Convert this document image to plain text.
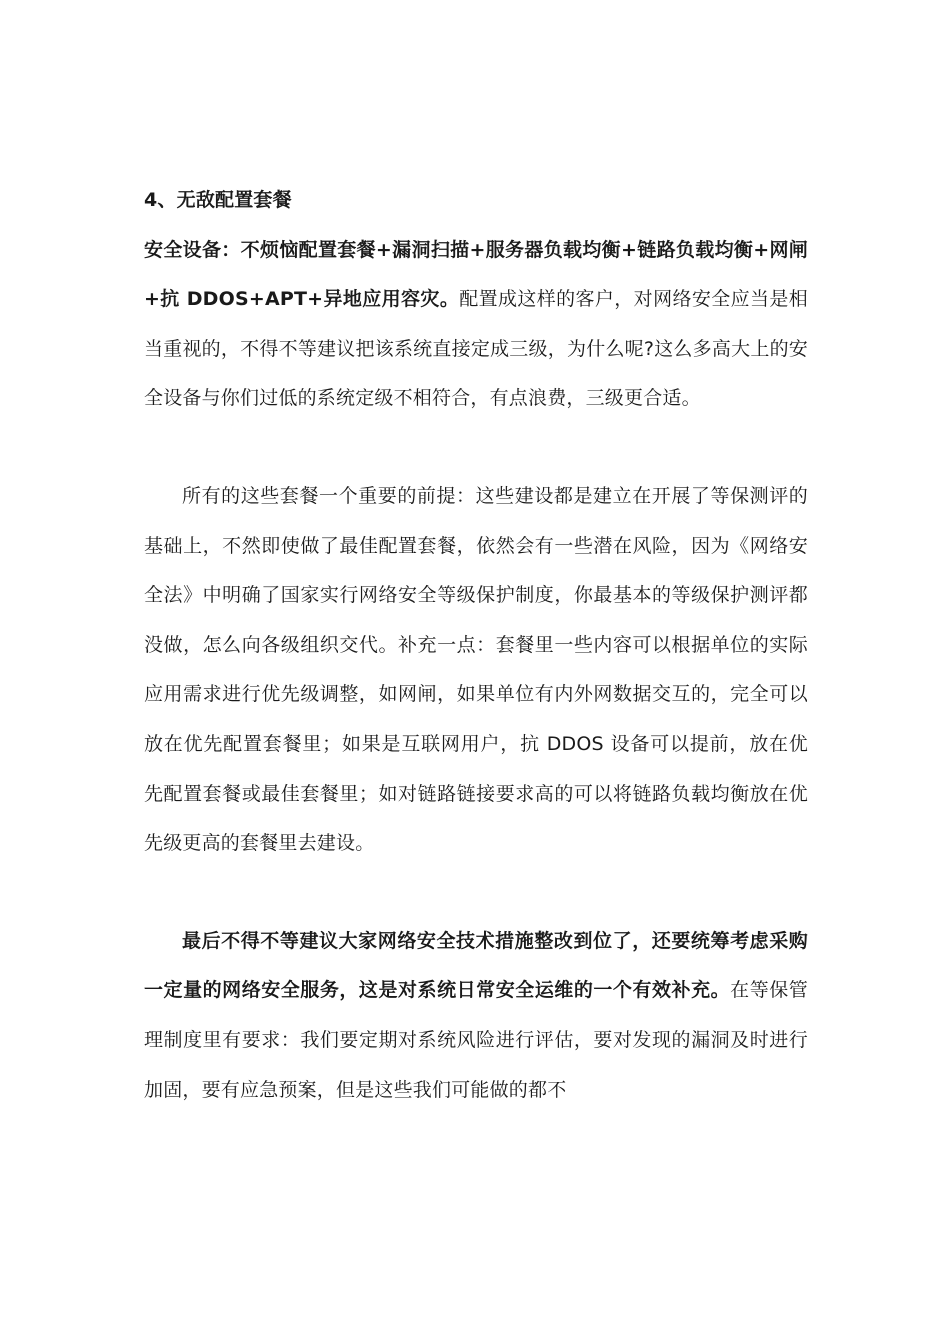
4、无敌配置套餐

安全设备：不烦恼配置套餐+漏洞扫描+服务器负载均衡+链路负载均衡+网闸+抗 DDOS+APT+异地应用容灾。配置成这样的客户，对网络安全应当是相当重视的，不得不等建议把该系统直接定成三级，为什么呢?这么多高大上的安全设备与你们过低的系统定级不相符合，有点浪费，三级更合适。

所有的这些套餐一个重要的前提：这些建设都是建立在开展了等保测评的基础上，不然即使做了最佳配置套餐，依然会有一些潜在风险，因为《网络安全法》中明确了国家实行网络安全等级保护制度，你最基本的等级保护测评都没做，怎么向各级组织交代。补充一点：套餐里一些内容可以根据单位的实际应用需求进行优先级调整，如网闸，如果单位有内外网数据交互的，完全可以放在优先配置套餐里；如果是互联网用户，抗 DDOS 设备可以提前，放在优先配置套餐或最佳套餐里；如对链路链接要求高的可以将链路负载均衡放在优先级更高的套餐里去建设。

最后不得不等建议大家网络安全技术措施整改到位了，还要统筹考虑采购一定量的网络安全服务，这是对系统日常安全运维的一个有效补充。在等保管理制度里有要求：我们要定期对系统风险进行评估，要对发现的漏洞及时进行加固，要有应急预案，但是这些我们可能做的都不
